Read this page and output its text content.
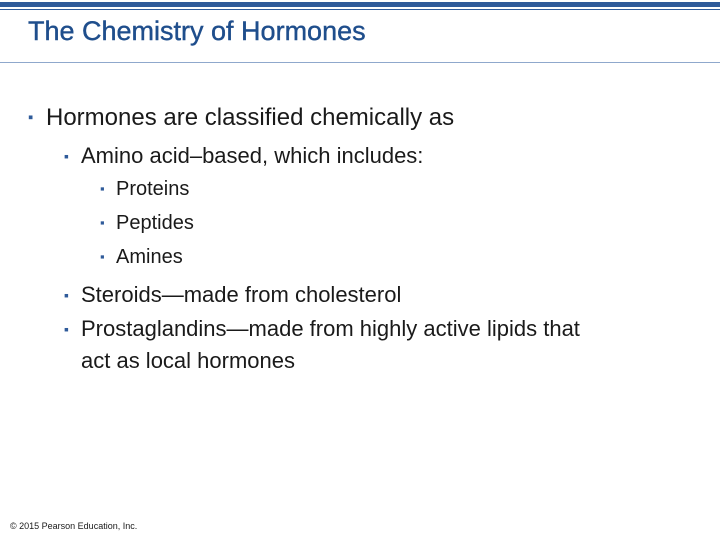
The Chemistry of Hormones
▪ Hormones are classified chemically as
▪ Amino acid–based, which includes:
▪ Proteins
▪ Peptides
▪ Amines
▪ Steroids—made from cholesterol
▪ Prostaglandins—made from highly active lipids that
act as local hormones
© 2015 Pearson Education, Inc.
